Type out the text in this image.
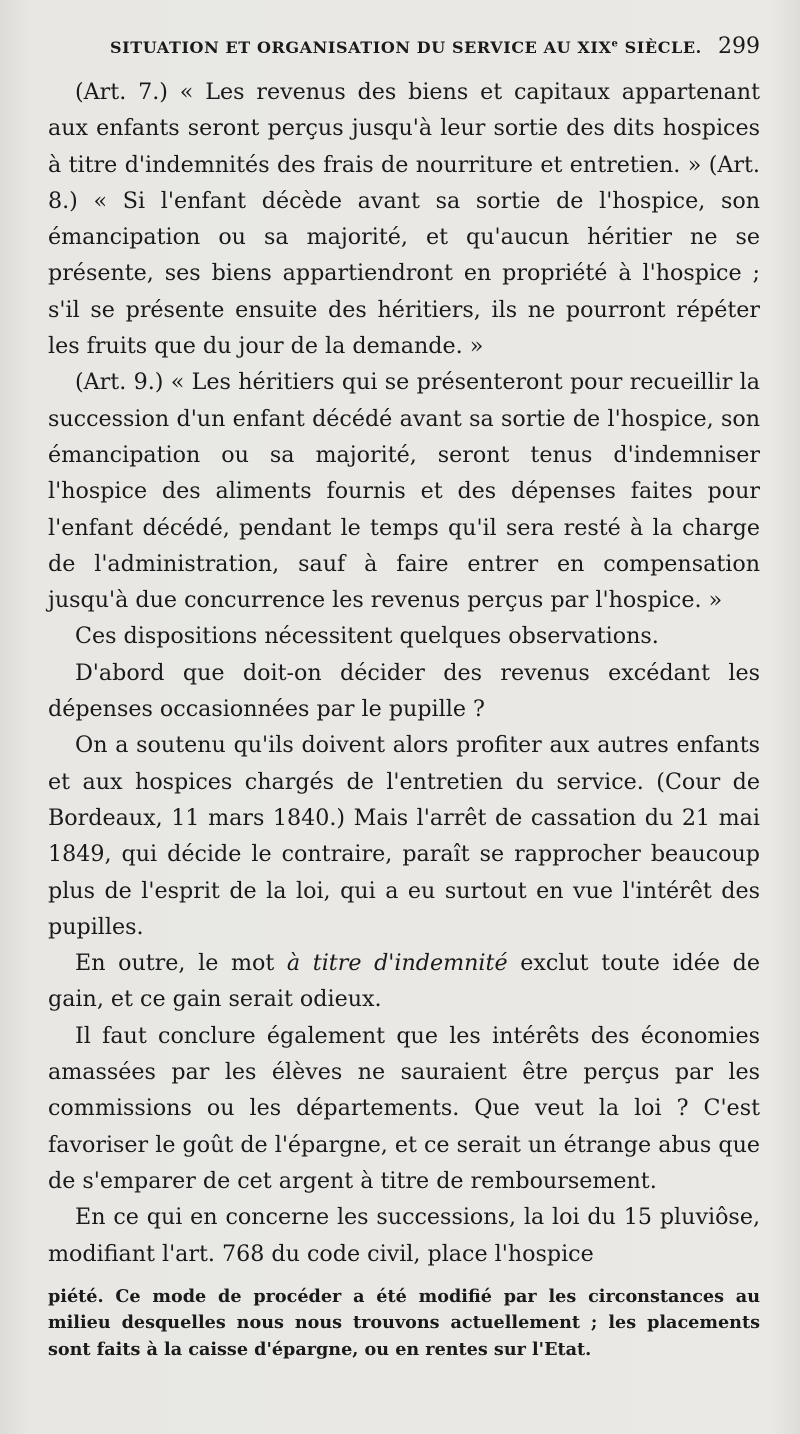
SITUATION ET ORGANISATION DU SERVICE AU XIXe SIÈCLE. 299

(Art. 7.) « Les revenus des biens et capitaux appartenant aux enfants seront perçus jusqu'à leur sortie des dits hospices à titre d'indemnités des frais de nourriture et entretien. » (Art. 8.) « Si l'enfant décède avant sa sortie de l'hospice, son émancipation ou sa majorité, et qu'aucun héritier ne se présente, ses biens appartiendront en propriété à l'hospice ; s'il se présente ensuite des héritiers, ils ne pourront répéter les fruits que du jour de la demande. »

(Art. 9.) « Les héritiers qui se présenteront pour recueillir la succession d'un enfant décédé avant sa sortie de l'hospice, son émancipation ou sa majorité, seront tenus d'indemniser l'hospice des aliments fournis et des dépenses faites pour l'enfant décédé, pendant le temps qu'il sera resté à la charge de l'administration, sauf à faire entrer en compensation jusqu'à due concurrence les revenus perçus par l'hospice. »

Ces dispositions nécessitent quelques observations.

D'abord que doit-on décider des revenus excédant les dépenses occasionnées par le pupille ?

On a soutenu qu'ils doivent alors profiter aux autres enfants et aux hospices chargés de l'entretien du service. (Cour de Bordeaux, 11 mars 1840.) Mais l'arrêt de cassation du 21 mai 1849, qui décide le contraire, paraît se rapprocher beaucoup plus de l'esprit de la loi, qui a eu surtout en vue l'intérêt des pupilles.

En outre, le mot à titre d'indemnité exclut toute idée de gain, et ce gain serait odieux.

Il faut conclure également que les intérêts des économies amassées par les élèves ne sauraient être perçus par les commissions ou les départements. Que veut la loi ? C'est favoriser le goût de l'épargne, et ce serait un étrange abus que de s'emparer de cet argent à titre de remboursement.

En ce qui en concerne les successions, la loi du 15 pluviôse, modifiant l'art. 768 du code civil, place l'hospice

piété. Ce mode de procéder a été modifié par les circonstances au milieu desquelles nous nous trouvons actuellement ; les placements sont faits à la caisse d'épargne, ou en rentes sur l'Etat.
